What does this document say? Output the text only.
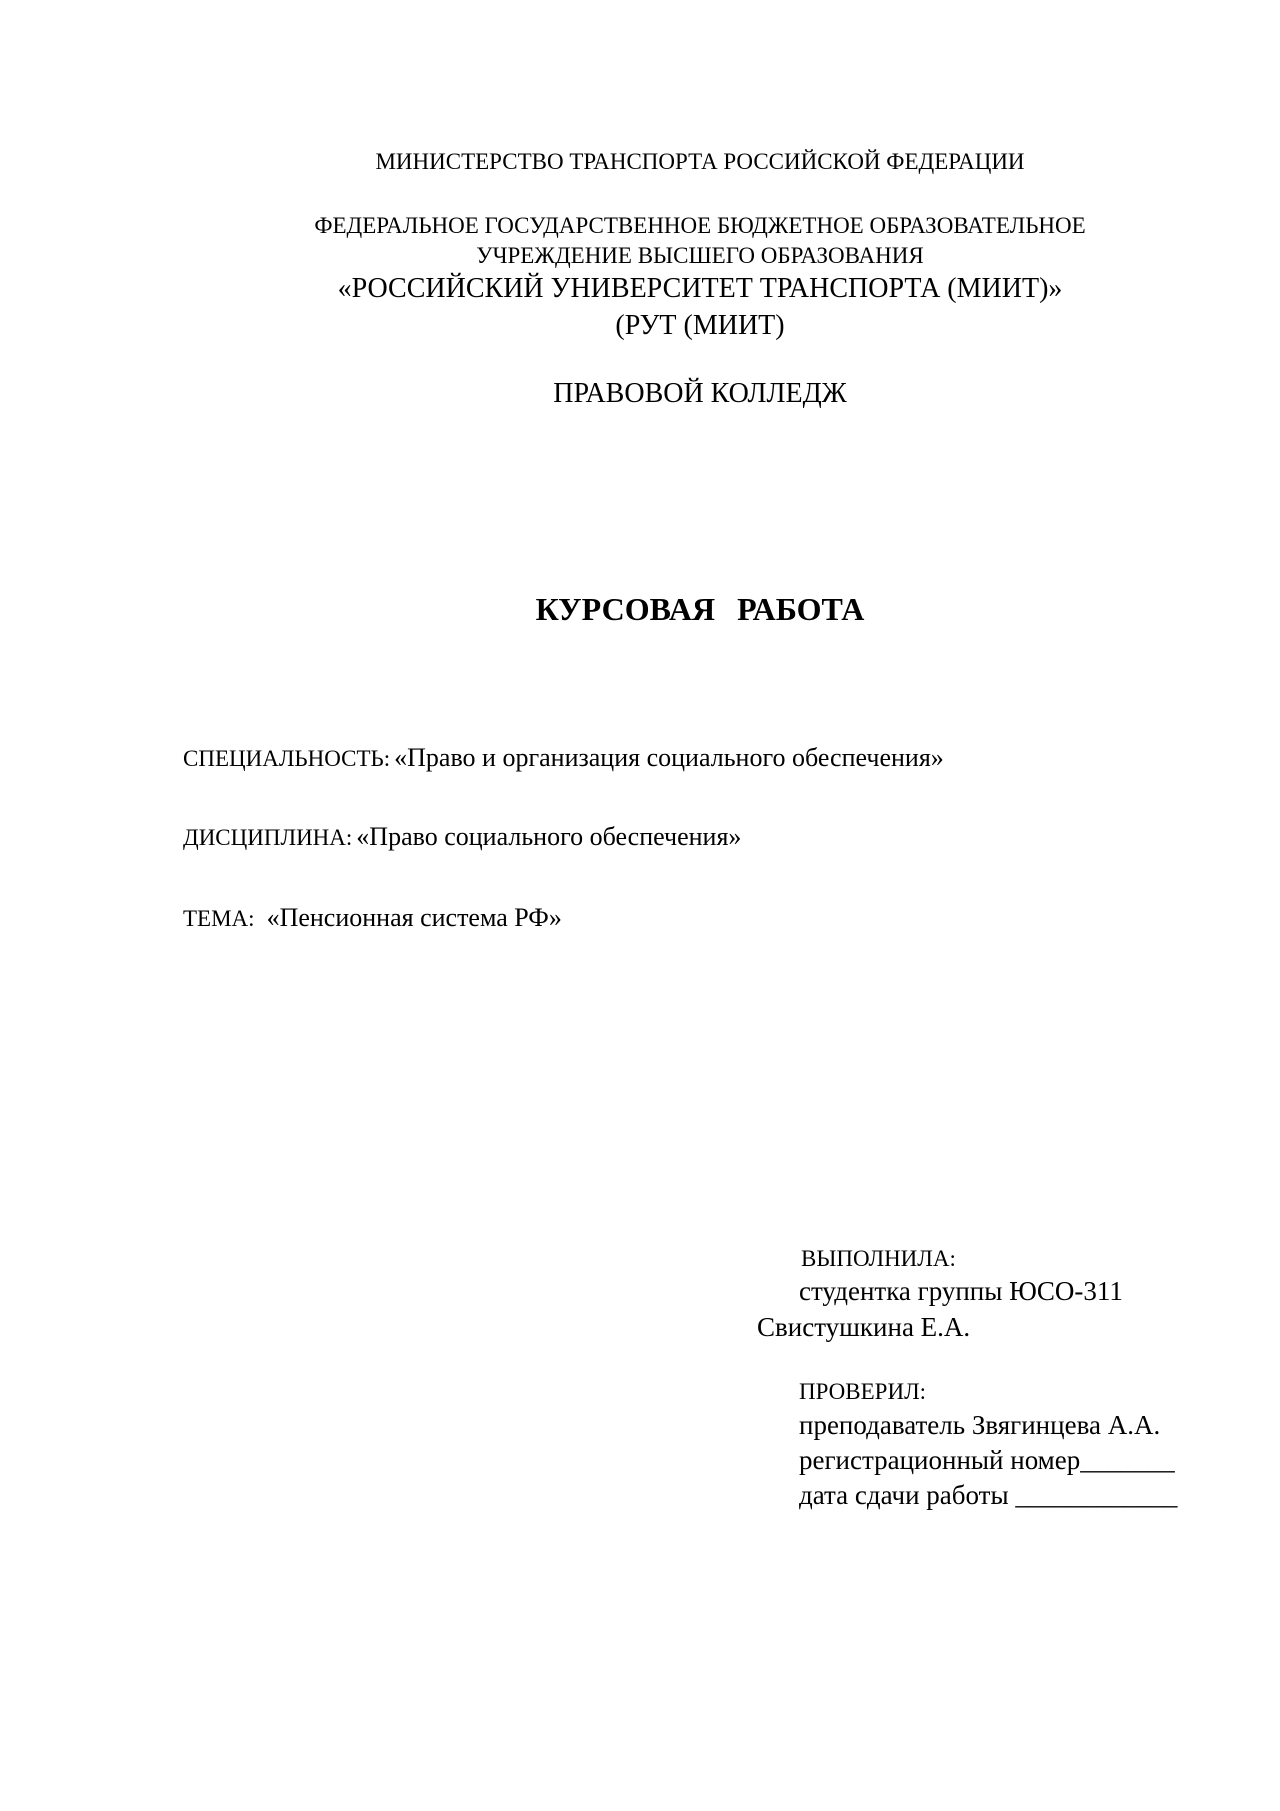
МИНИСТЕРСТВО ТРАНСПОРТА РОССИЙСКОЙ ФЕДЕРАЦИИ
ФЕДЕРАЛЬНОЕ ГОСУДАРСТВЕННОЕ БЮДЖЕТНОЕ ОБРАЗОВАТЕЛЬНОЕ
УЧРЕЖДЕНИЕ ВЫСШЕГО ОБРАЗОВАНИЯ
«РОССИЙСКИЙ УНИВЕРСИТЕТ ТРАНСПОРТА (МИИТ)»
(РУТ (МИИТ)
ПРАВОВОЙ КОЛЛЕДЖ
КУРСОВАЯ РАБОТА
СПЕЦИАЛЬНОСТЬ: «Право и организация социального обеспечения»
ДИСЦИПЛИНА: «Право социального обеспечения»
ТЕМА: «Пенсионная система РФ»
ВЫПОЛНИЛА:
студентка группы ЮСО-311
Свистушкина Е.А.
ПРОВЕРИЛ:
преподаватель Звягинцева А.А.
регистрационный номер_______
дата сдачи работы ____________
